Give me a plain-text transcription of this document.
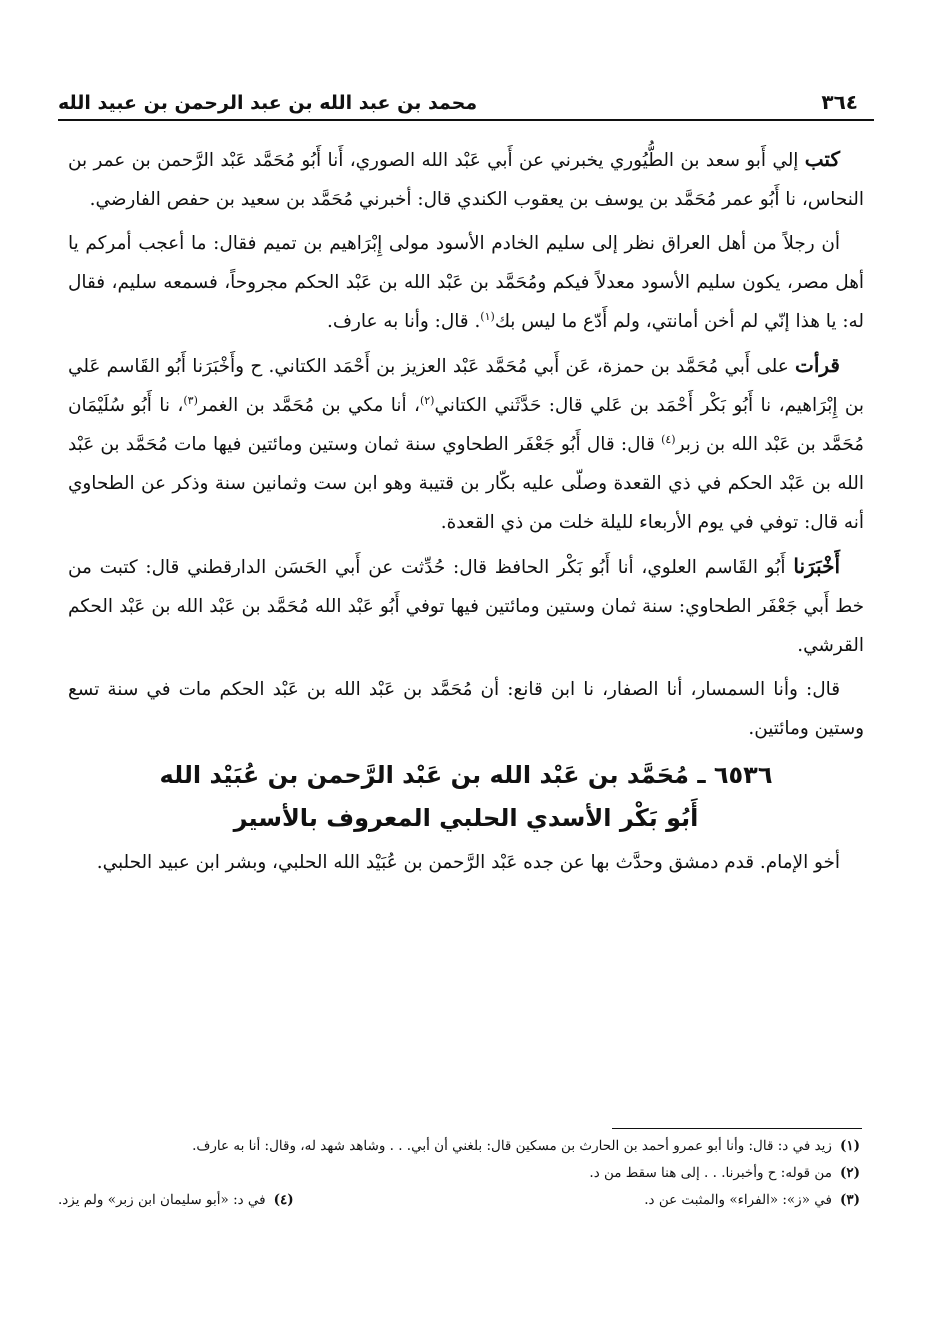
محمد بن عبد الله بن عبد الرحمن بن عبيد الله	٣٦٤

كتب إلي أَبو سعد بن الطُّيُوري يخبرني عن أَبي عَبْد الله الصوري، أَنا أَبُو مُحَمَّد عَبْد الرَّحمن بن عمر بن النحاس، نا أَبُو عمر مُحَمَّد بن يوسف بن يعقوب الكندي قال: أخبرني مُحَمَّد بن سعيد بن حفص الفارضي.

أن رجلاً من أهل العراق نظر إلى سليم الخادم الأسود مولى إِبْرَاهيم بن تميم فقال: ما أعجب أمركم يا أهل مصر، يكون سليم الأسود معدلاً فيكم ومُحَمَّد بن عَبْد الله بن عَبْد الحكم مجروحاً، فسمعه سليم، فقال له: يا هذا إنّي لم أخن أمانتي، ولم أَدّع ما ليس بك$^{(١)}$. قال: وأنا به عارف.

قرأت على أَبي مُحَمَّد بن حمزة، عَن أَبي مُحَمَّد عَبْد العزيز بن أَحْمَد الكتاني. ح وأَخْبَرَنا أَبُو القَاسم عَلي بن إِبْرَاهيم، نا أَبُو بَكْر أَحْمَد بن عَلي قال: حَدَّثَني الكتاني$^{(٢)}$، أنا مكي بن مُحَمَّد بن الغمر$^{(٣)}$، نا أَبُو سُلَيْمَان مُحَمَّد بن عَبْد الله بن زبر$^{(٤)}$ قال: قال أَبُو جَعْفَر الطحاوي سنة ثمان وستين ومائتين فيها مات مُحَمَّد بن عَبْد الله بن عَبْد الحكم في ذي القعدة وصلّى عليه بكّار بن قتيبة وهو ابن ست وثمانين سنة وذكر عن الطحاوي أنه قال: توفي في يوم الأربعاء لليلة خلت من ذي القعدة.

أَخْبَرَنا أَبُو القَاسم العلوي، أنا أَبُو بَكْر الحافظ قال: حُدِّثت عن أَبي الحَسَن الدارقطني قال: كتبت من خط أَبي جَعْفَر الطحاوي: سنة ثمان وستين ومائتين فيها توفي أَبُو عَبْد الله مُحَمَّد بن عَبْد الله بن عَبْد الحكم القرشي.

قال: وأنا السمسار، أنا الصفار، نا ابن قانع: أن مُحَمَّد بن عَبْد الله بن عَبْد الحكم مات في سنة تسع وستين ومائتين.

٦٥٣٦ ـ مُحَمَّد بن عَبْد الله بن عَبْد الرَّحمن بن عُبَيْد الله
أَبُو بَكْر الأسدي الحلبي المعروف بالأسير

أخو الإمام. قدم دمشق وحدَّث بها عن جده عَبْد الرَّحمن بن عُبَيْد الله الحلبي، وبشر ابن عبيد الحلبي.

(١)زيد في د: قال: وأنا أبو عمرو أحمد بن الحارث بن مسكين قال: بلغني أن أبي. . . وشاهد شهد له، وقال: أنا به عارف.
(٢)من قوله: ح وأخبرنا. . . إلى هنا سقط من د.
(٣)في «ز»: «الفراء» والمثبت عن د.
(٤)في د: «أبو سليمان ابن زبر» ولم يزد.
